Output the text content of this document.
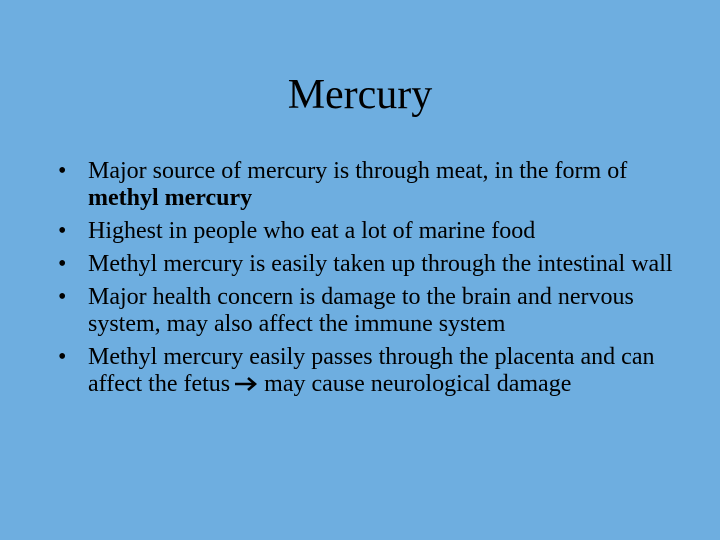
Mercury
• Major source of mercury is through meat, in the form of methyl mercury
• Highest in people who eat a lot of marine food
• Methyl mercury is easily taken up through the intestinal wall
• Major health concern is damage to the brain and nervous system, may also affect the immune system
• Methyl mercury easily passes through the placenta and can affect the fetus may cause neurological damage
